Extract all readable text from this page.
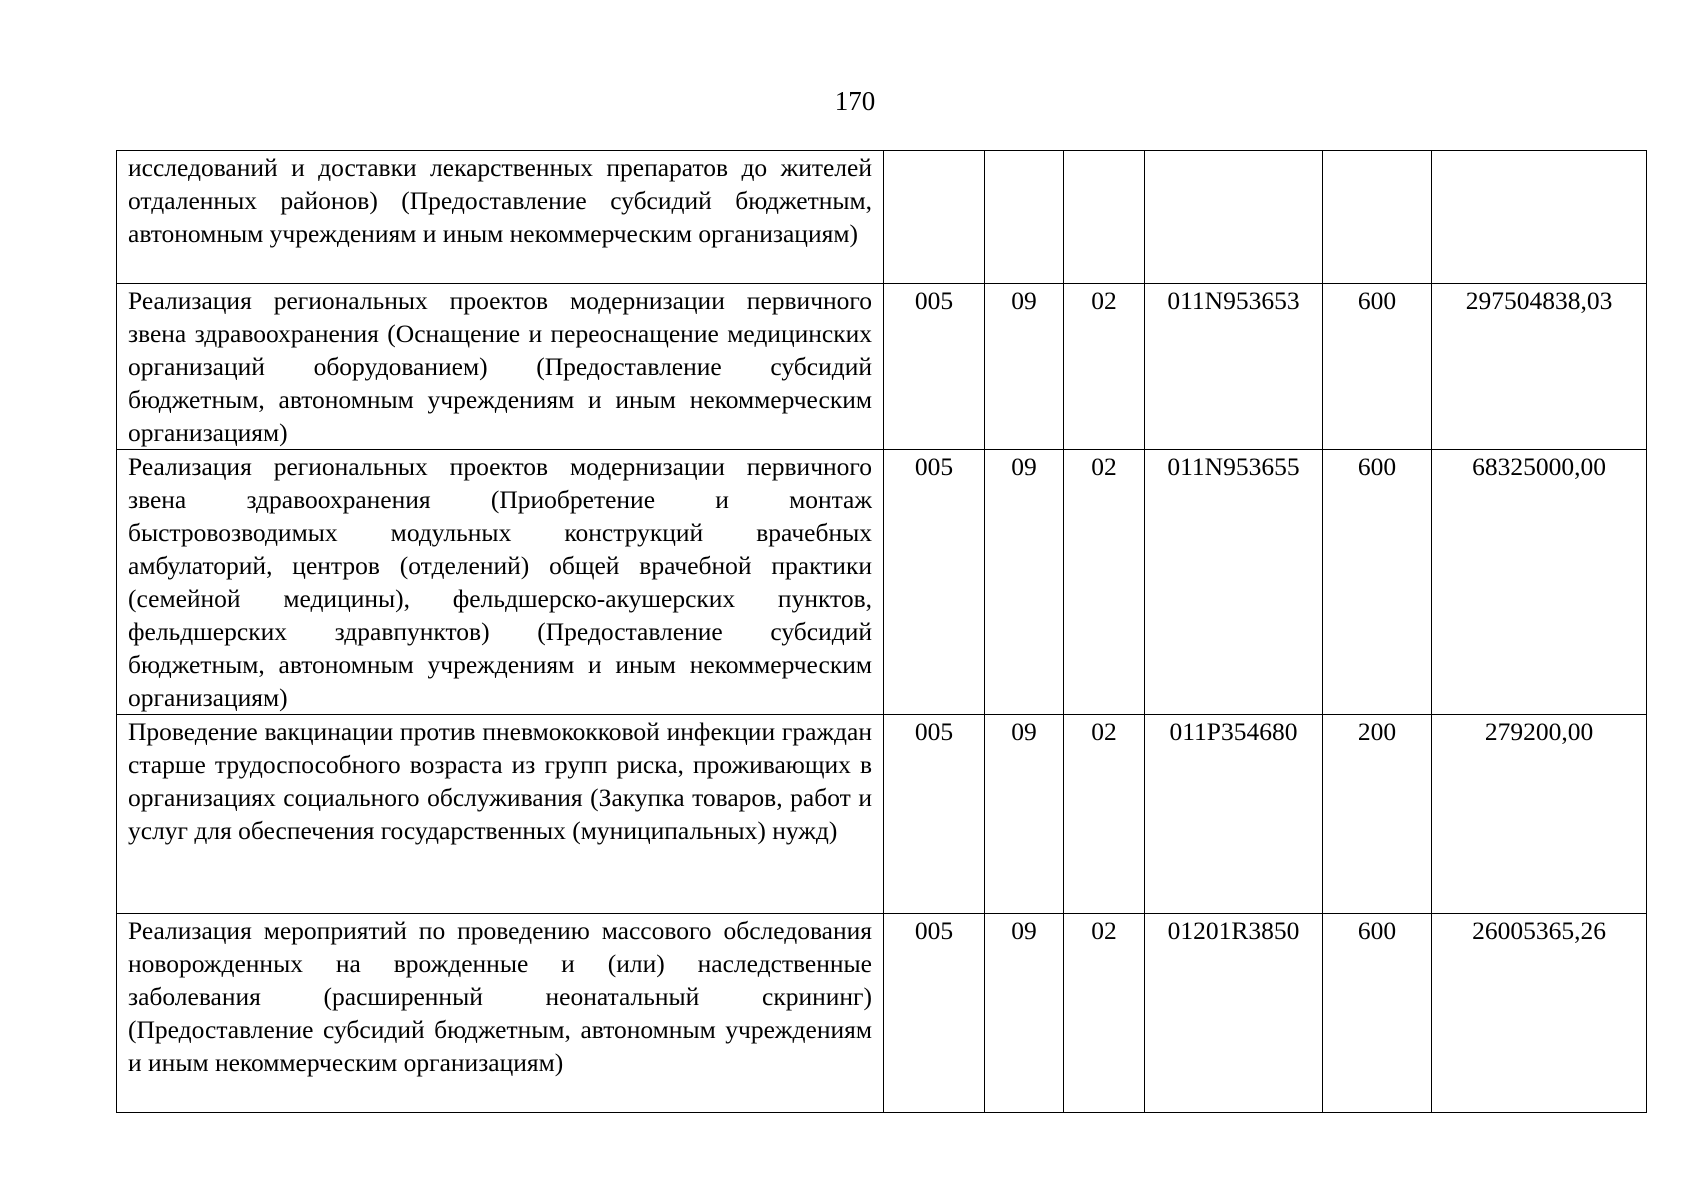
170
исследований и доставки лекарственных препаратов до жителей отдаленных районов) (Предоставление субсидий бюджетным, автономным учреждениям и иным некоммерческим организациям)						
Реализация региональных проектов модернизации первичного звена здравоохранения (Оснащение и переоснащение медицинских организаций оборудованием) (Предоставление субсидий бюджетным, автономным учреждениям и иным некоммерческим организациям)	005	09	02	011N953653	600	297504838,03
Реализация региональных проектов модернизации первичного звена здравоохранения (Приобретение и монтаж быстровозводимых модульных конструкций врачебных амбулаторий, центров (отделений) общей врачебной практики (семейной медицины), фельдшерско-акушерских пунктов, фельдшерских здравпунктов) (Предоставление субсидий бюджетным, автономным учреждениям и иным некоммерческим организациям)	005	09	02	011N953655	600	68325000,00
Проведение вакцинации против пневмококковой инфекции граждан старше трудоспособного возраста из групп риска, проживающих в организациях социального обслуживания (Закупка товаров, работ и услуг для обеспечения государственных (муниципальных) нужд)	005	09	02	011P354680	200	279200,00
Реализация мероприятий по проведению массового обследования новорожденных на врожденные и (или) наследственные заболевания (расширенный неонатальный скрининг) (Предоставление субсидий бюджетным, автономным учреждениям и иным некоммерческим организациям)	005	09	02	01201R3850	600	26005365,26
